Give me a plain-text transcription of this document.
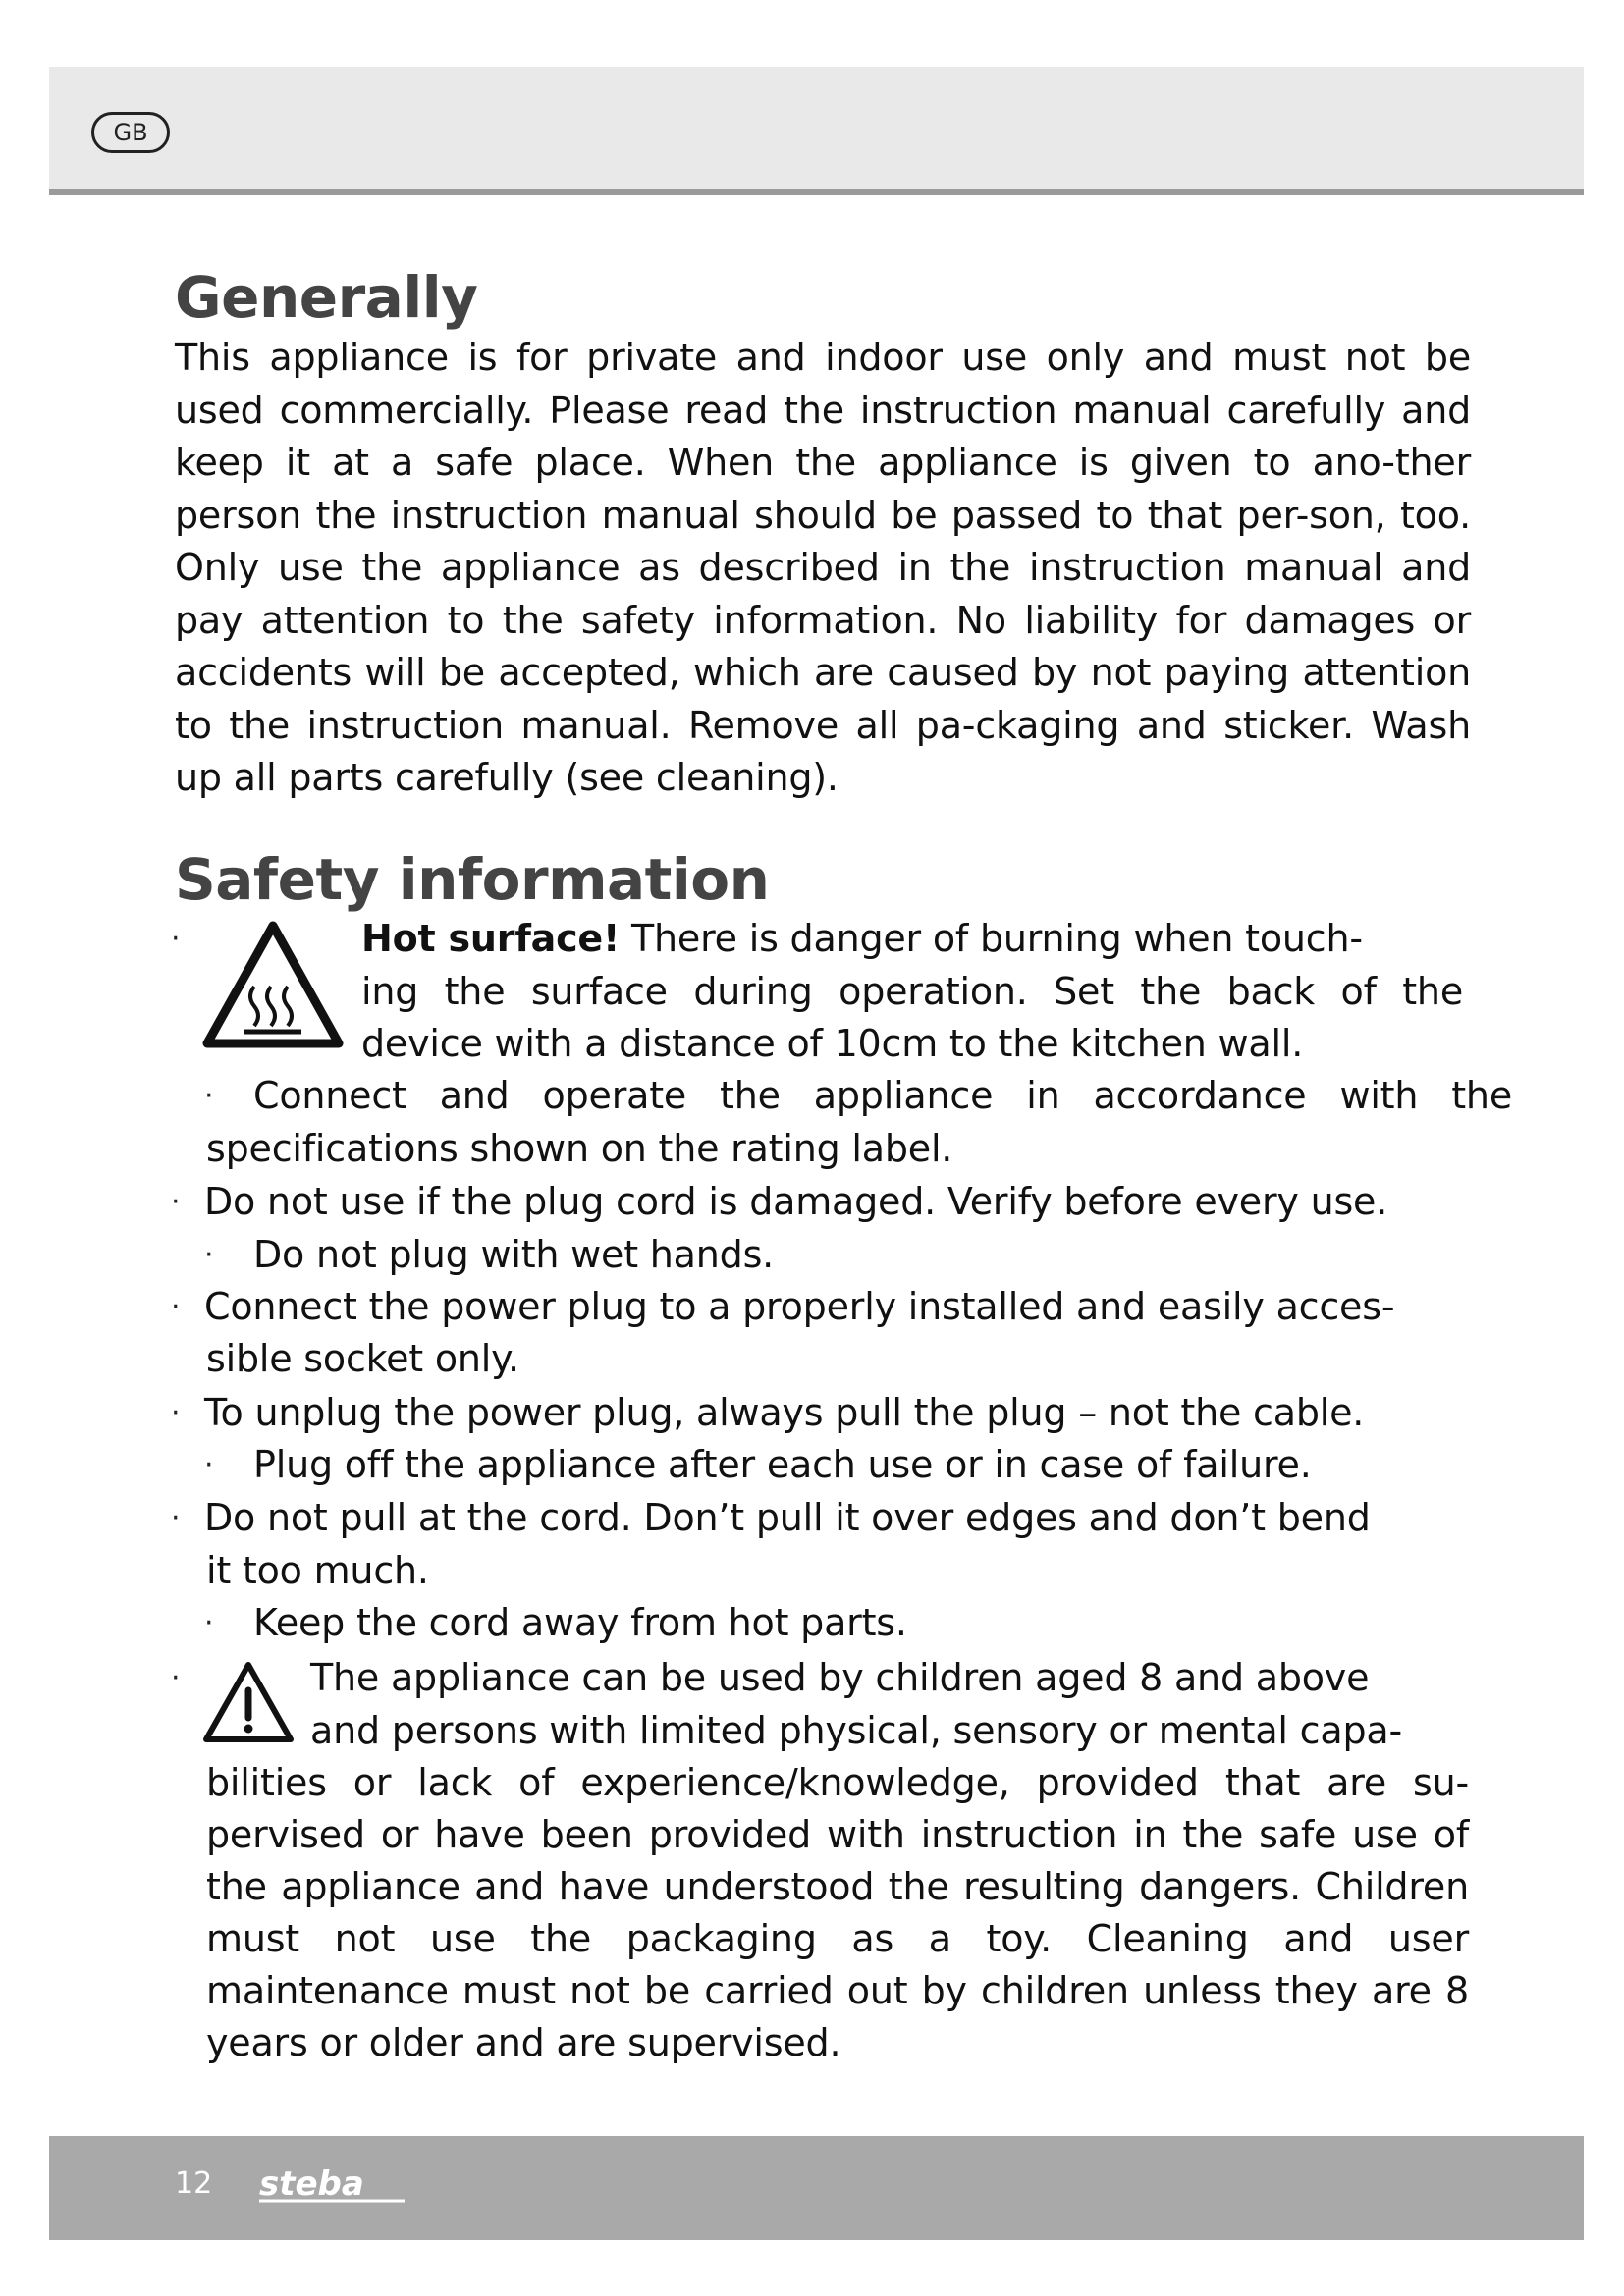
GB
Generally

This appliance is for private and indoor use only and must not be used commercially. Please read the instruction manual carefully and keep it at a safe place. When the appliance is given to ano-ther person the instruction manual should be passed to that per-son, too. Only use the appliance as described in the instruction manual and pay attention to the safety information. No liability for damages or accidents will be accepted, which are caused by not paying attention to the instruction manual. Remove all pa-ckaging and sticker. Wash up all parts carefully (see cleaning).

Safety information
·	Hot surface! There is danger of burning when touch-
ing the surface during operation. Set the back of the
device with a distance of 10cm to the kitchen wall.
· Connect and operate the appliance in accordance with the
specifications shown on the rating label.
· Do not use if the plug cord is damaged. Verify before every use.
· Do not plug with wet hands.
· Connect the power plug to a properly installed and easily acces-
sible socket only.
· To unplug the power plug, always pull the plug – not the cable.
· Plug off the appliance after each use or in case of failure.
· Do not pull at the cord. Don’t pull it over edges and don’t bend
it too much.
· Keep the cord away from hot parts.
·	The appliance can be used by children aged 8 and above
and persons with limited physical, sensory or mental capa-

bilities or lack of experience/knowledge, provided that are su-pervised or have been provided with instruction in the safe use of the appliance and have understood the resulting dangers. Children must not use the packaging as a toy. Cleaning and user maintenance must not be carried out by children unless they are 8 years or older and are supervised.

12 steba
